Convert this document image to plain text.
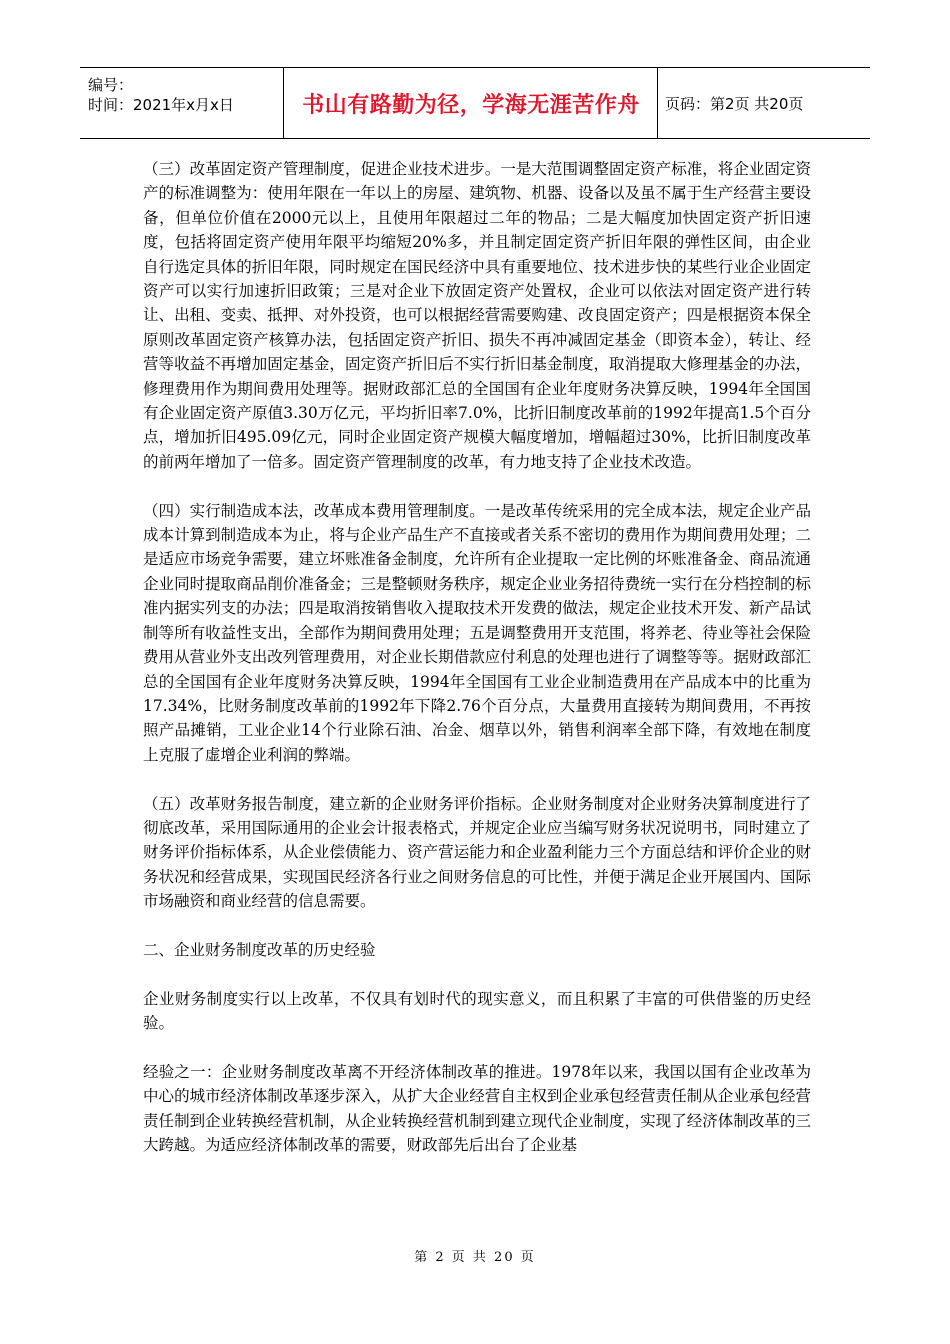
编号：
时间：2021年x月x日	书山有路勤为径，学海无涯苦作舟	页码：第2页 共20页

（三）改革固定资产管理制度，促进企业技术进步。一是大范围调整固定资产标准，将企业固定资产的标准调整为：使用年限在一年以上的房屋、建筑物、机器、设备以及虽不属于生产经营主要设备，但单位价值在2000元以上，且使用年限超过二年的物品；二是大幅度加快固定资产折旧速度，包括将固定资产使用年限平均缩短20%多，并且制定固定资产折旧年限的弹性区间，由企业自行选定具体的折旧年限，同时规定在国民经济中具有重要地位、技术进步快的某些行业企业固定资产可以实行加速折旧政策；三是对企业下放固定资产处置权，企业可以依法对固定资产进行转让、出租、变卖、抵押、对外投资，也可以根据经营需要购建、改良固定资产；四是根据资本保全原则改革固定资产核算办法，包括固定资产折旧、损失不再冲减固定基金（即资本金），转让、经营等收益不再增加固定基金，固定资产折旧后不实行折旧基金制度，取消提取大修理基金的办法，修理费用作为期间费用处理等。据财政部汇总的全国国有企业年度财务决算反映，1994年全国国有企业固定资产原值3.30万亿元，平均折旧率7.0%，比折旧制度改革前的1992年提高1.5个百分点，增加折旧495.09亿元，同时企业固定资产规模大幅度增加，增幅超过30%，比折旧制度改革的前两年增加了一倍多。固定资产管理制度的改革，有力地支持了企业技术改造。

（四）实行制造成本法，改革成本费用管理制度。一是改革传统采用的完全成本法，规定企业产品成本计算到制造成本为止，将与企业产品生产不直接或者关系不密切的费用作为期间费用处理；二是适应市场竞争需要，建立坏账准备金制度，允许所有企业提取一定比例的坏账准备金、商品流通企业同时提取商品削价准备金；三是整顿财务秩序，规定企业业务招待费统一实行在分档控制的标准内据实列支的办法；四是取消按销售收入提取技术开发费的做法，规定企业技术开发、新产品试制等所有收益性支出，全部作为期间费用处理；五是调整费用开支范围，将养老、待业等社会保险费用从营业外支出改列管理费用，对企业长期借款应付利息的处理也进行了调整等等。据财政部汇总的全国国有企业年度财务决算反映，1994年全国国有工业企业制造费用在产品成本中的比重为17.34%，比财务制度改革前的1992年下降2.76个百分点，大量费用直接转为期间费用，不再按照产品摊销，工业企业14个行业除石油、冶金、烟草以外，销售利润率全部下降，有效地在制度上克服了虚增企业利润的弊端。

（五）改革财务报告制度，建立新的企业财务评价指标。企业财务制度对企业财务决算制度进行了彻底改革，采用国际通用的企业会计报表格式，并规定企业应当编写财务状况说明书，同时建立了财务评价指标体系，从企业偿债能力、资产营运能力和企业盈利能力三个方面总结和评价企业的财务状况和经营成果，实现国民经济各行业之间财务信息的可比性，并便于满足企业开展国内、国际市场融资和商业经营的信息需要。

二、企业财务制度改革的历史经验

企业财务制度实行以上改革，不仅具有划时代的现实意义，而且积累了丰富的可供借鉴的历史经验。

经验之一：企业财务制度改革离不开经济体制改革的推进。1978年以来，我国以国有企业改革为中心的城市经济体制改革逐步深入，从扩大企业经营自主权到企业承包经营责任制从企业承包经营责任制到企业转换经营机制，从企业转换经营机制到建立现代企业制度，实现了经济体制改革的三大跨越。为适应经济体制改革的需要，财政部先后出台了企业基

第 2 页 共 20 页
